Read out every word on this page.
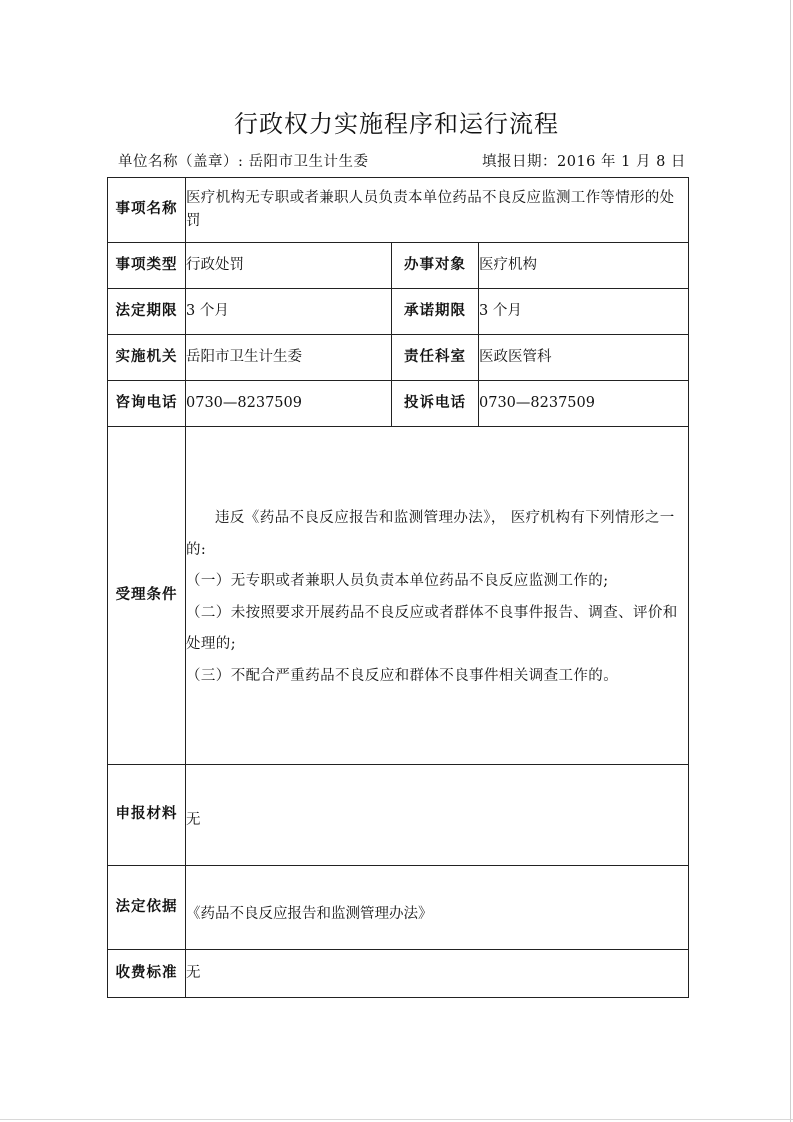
行政权力实施程序和运行流程
单位名称（盖章）: 岳阳市卫生计生委	填报日期：2016 年 1 月 8 日
事项名称	医疗机构无专职或者兼职人员负责本单位药品不良反应监测工作等情形的处罚		
事项类型	行政处罚	办事对象	医疗机构
法定期限	3 个月	承诺期限	3 个月
实施机关	岳阳市卫生计生委	责任科室	医政医管科
咨询电话	0730—8237509	投诉电话	0730—8237509
受理条件	违反《药品不良反应报告和监测管理办法》， 医疗机构有下列情形之一的:

（一）无专职或者兼职人员负责本单位药品不良反应监测工作的;

（二）未按照要求开展药品不良反应或者群体不良事件报告、调查、评价和处理的;

（三）不配合严重药品不良反应和群体不良事件相关调查工作的。		

申报材料	无		

法定依据	《药品不良反应报告和监测管理办法》		

收费标准	无		
